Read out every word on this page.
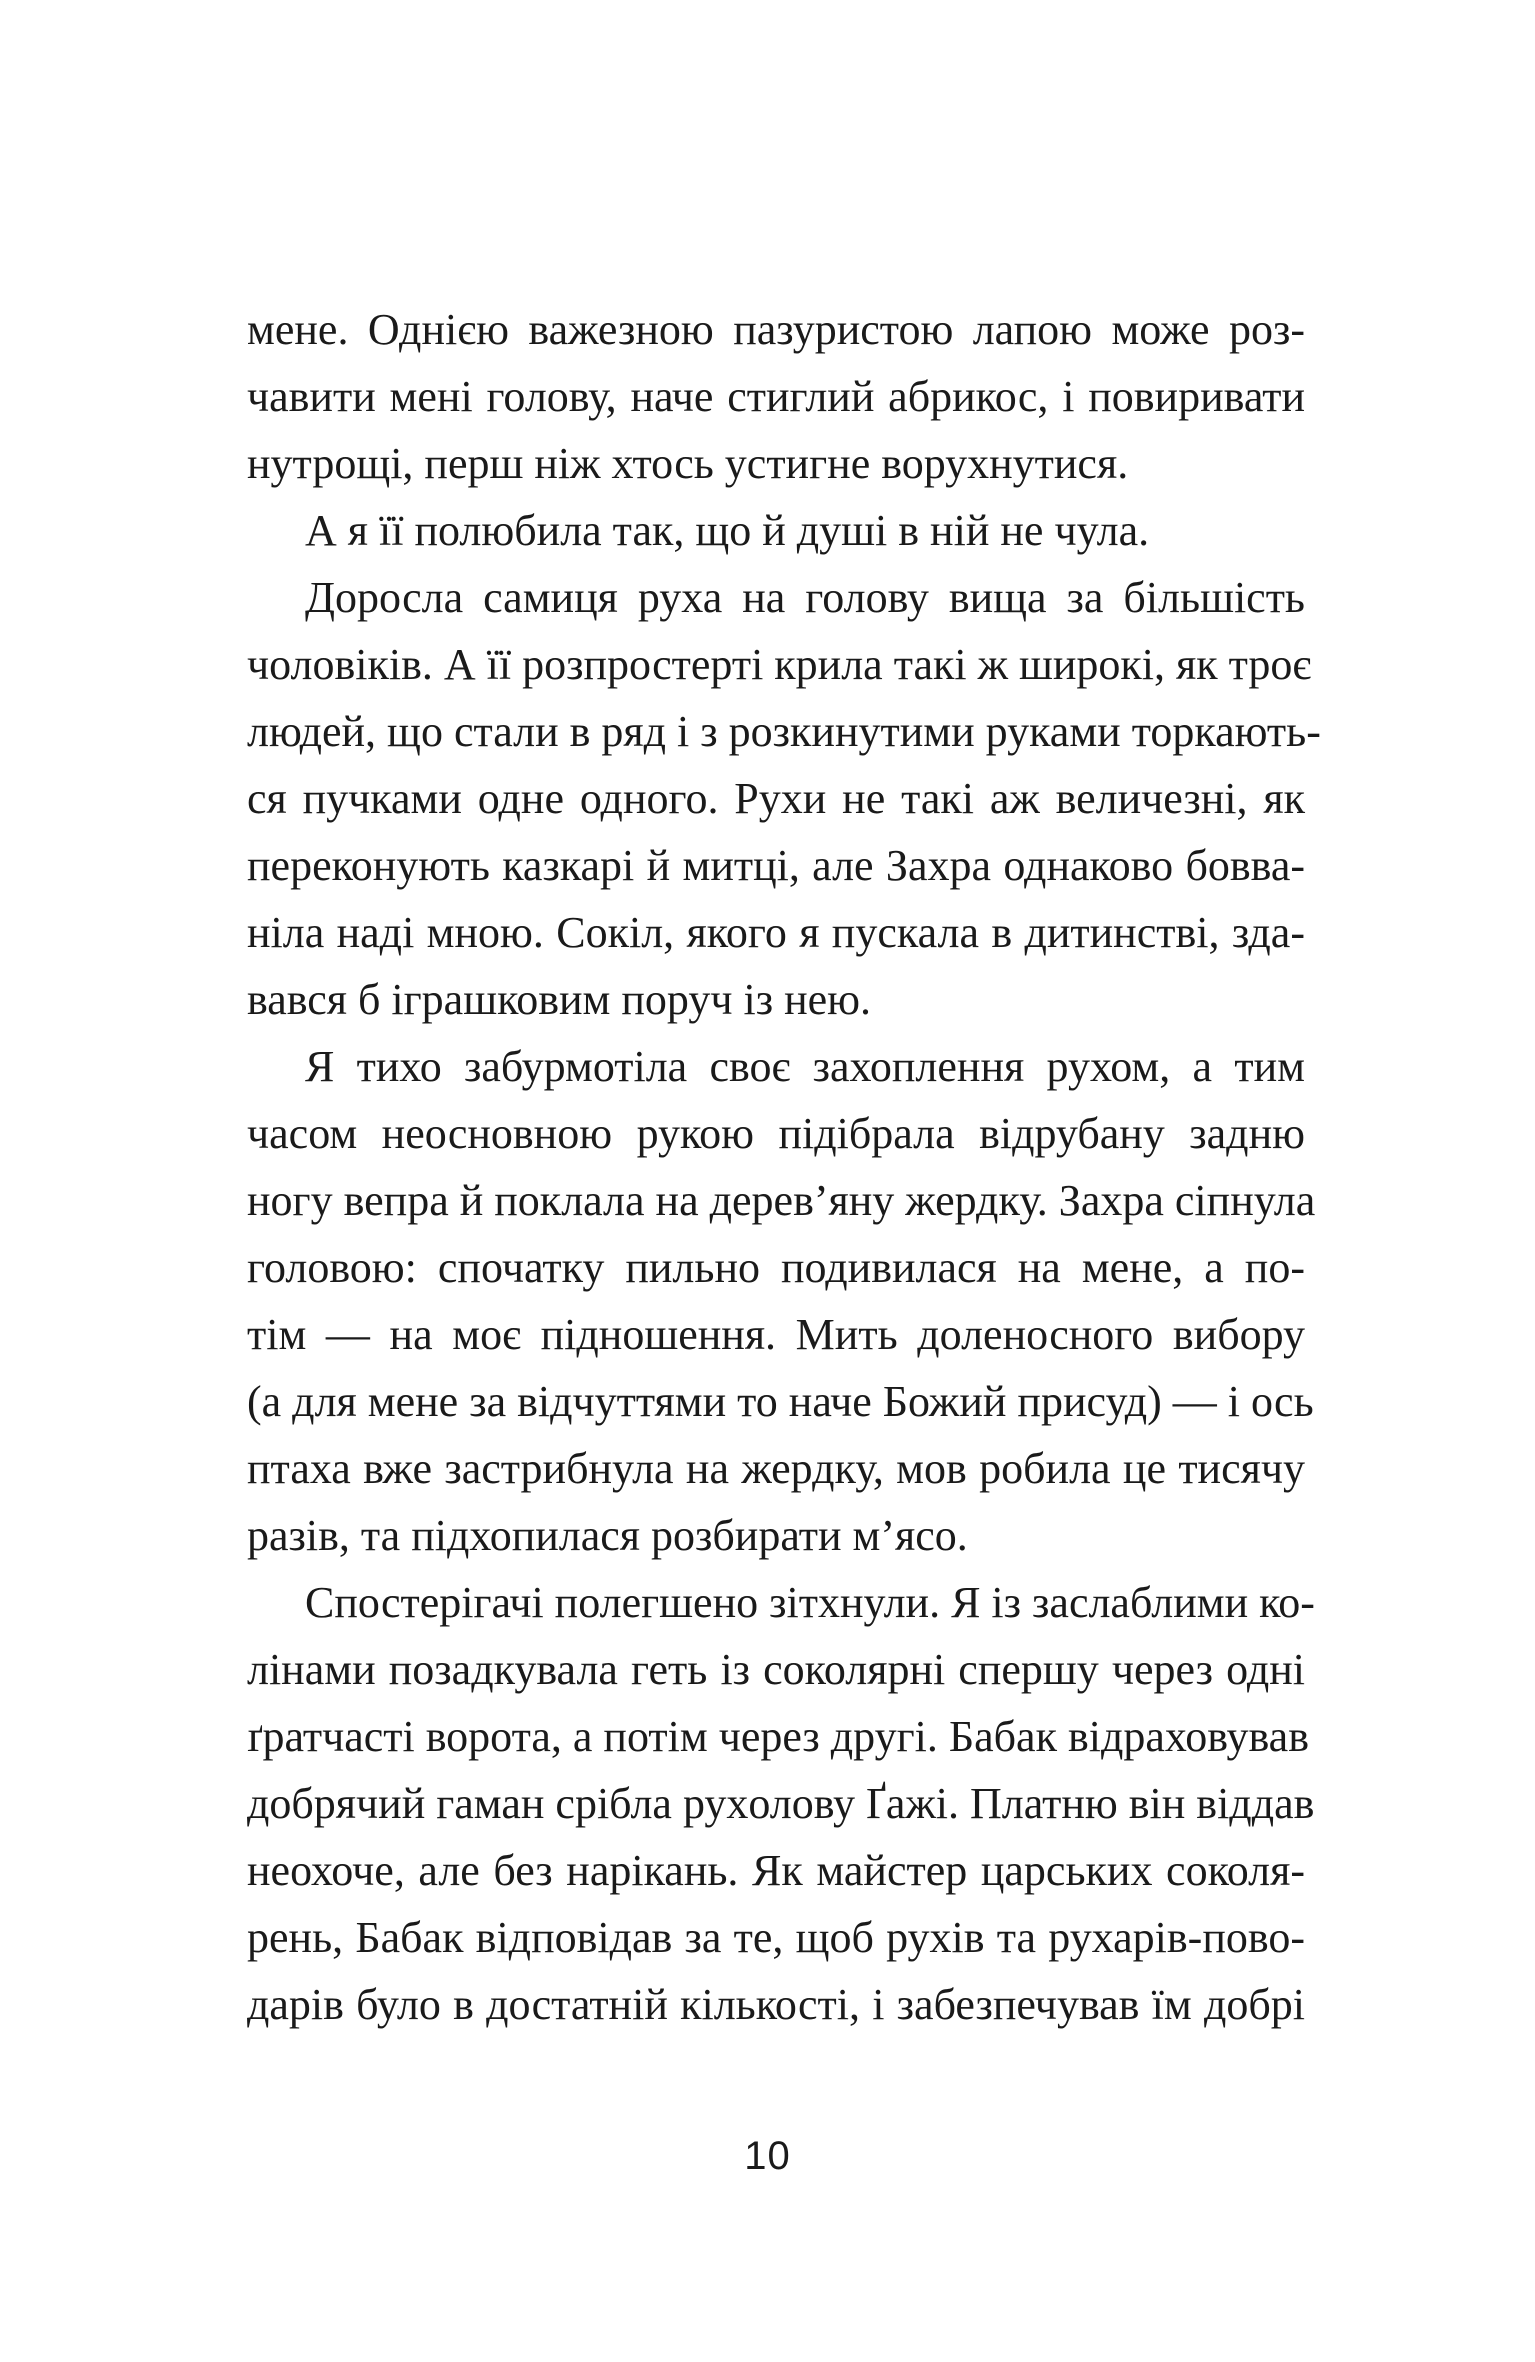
мене. Однією важезною пазуристою лапою може роз-
чавити мені голову, наче стиглий абрикос, і повиривати
нутрощі, перш ніж хтось устигне ворухнутися.
А я її полюбила так, що й душі в ній не чула.
Доросла самиця руха на голову вища за більшість
чоловіків. А її розпростерті крила такі ж широкі, як троє
людей, що стали в ряд і з розкинутими руками торкають-
ся пучками одне одного. Рухи не такі аж величезні, як
переконують казкарі й митці, але Захра однаково бовва-
ніла наді мною. Сокіл, якого я пускала в дитинстві, зда-
вався б іграшковим поруч із нею.
Я тихо забурмотіла своє захоплення рухом, а тим
часом неосновною рукою підібрала відрубану задню
ногу вепра й поклала на дерев’яну жердку. Захра сіпнула
головою: спочатку пильно подивилася на мене, а по-
тім — на моє підношення. Мить доленосного вибору
(а для мене за відчуттями то наче Божий присуд) — і ось
птаха вже застрибнула на жердку, мов робила це тисячу
разів, та підхопилася розбирати м’ясо.
Спостерігачі полегшено зітхнули. Я із заслаблими ко-
лінами позадкувала геть із соколярні спершу через одні
ґратчасті ворота, а потім через другі. Бабак відраховував
добрячий гаман срібла руxолову Ґажі. Платню він віддав
неохоче, але без нарікань. Як майстер царських соколя-
рень, Бабак відповідав за те, щоб рухів та рухарів-пово-
дарів було в достатній кількості, і забезпечував їм добрі
10
